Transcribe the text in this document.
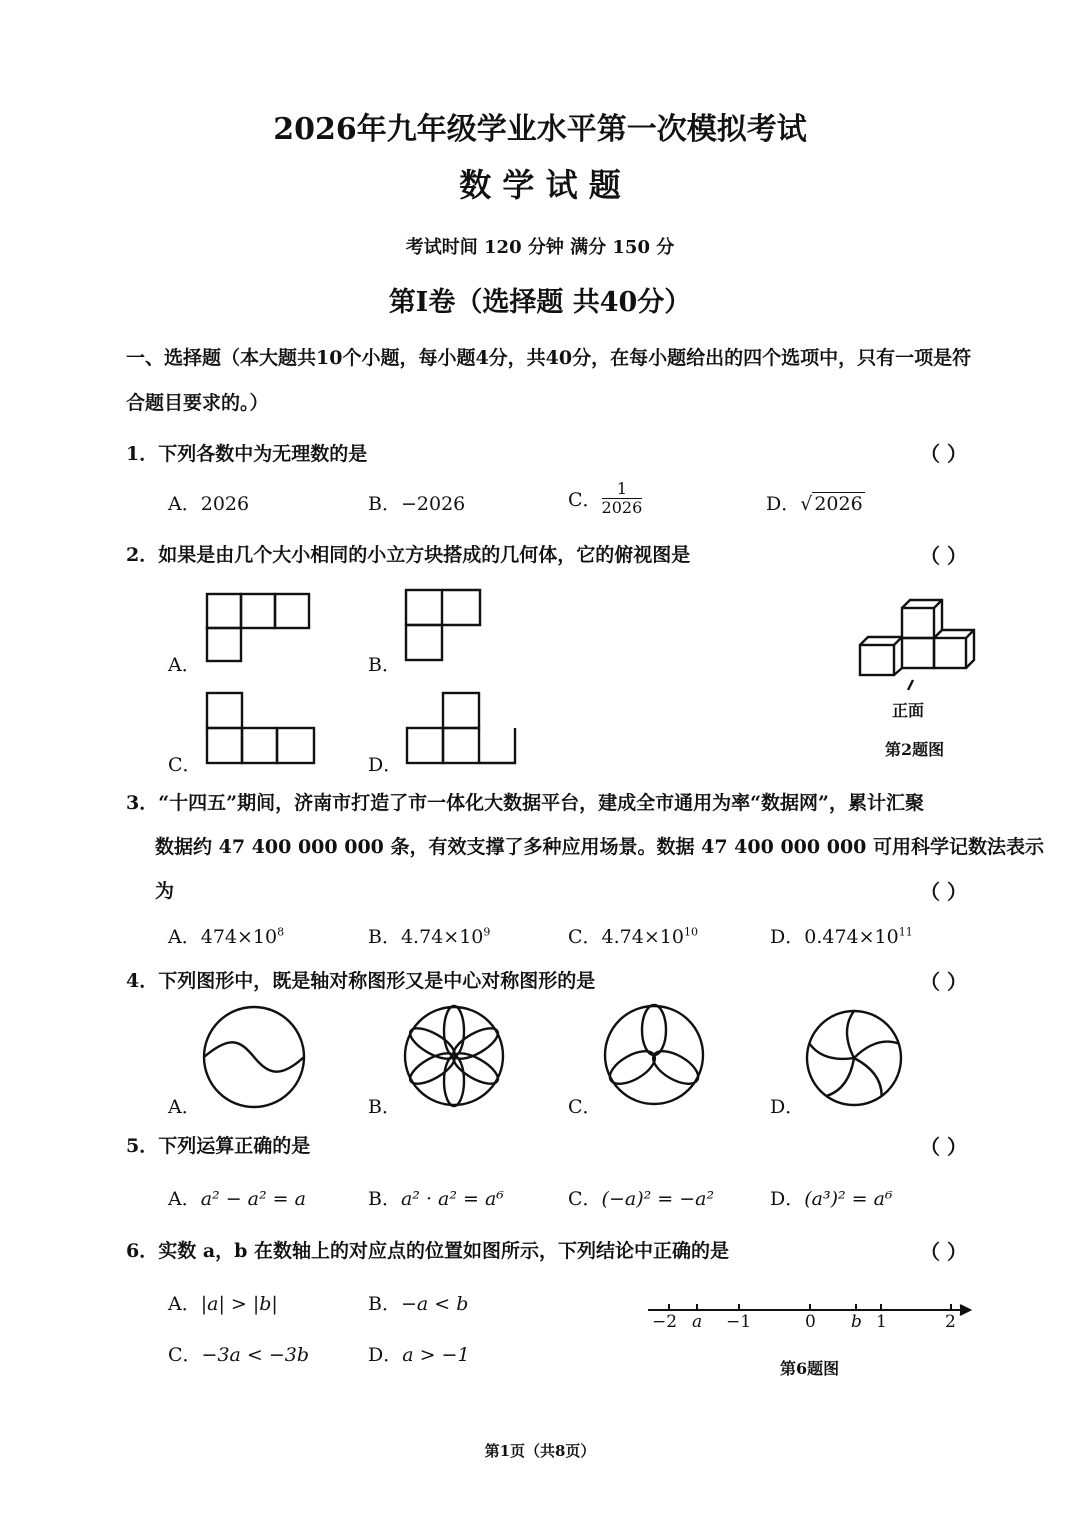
2026年九年级学业水平第一次模拟考试
数 学 试 题
考试时间 120 分钟 满分 150 分
第Ⅰ卷（选择题 共40分）
一、选择题（本大题共10个小题，每小题4分，共40分，在每小题给出的四个选项中，只有一项是符
合题目要求的。）
1．下列各数中为无理数的是	（ ）
A．2026	B．−2026	C． $\frac{1}{2026}$	D．√ 2026
2．如果是由几个大小相同的小立方块搭成的几何体，它的俯视图是	（ ）
A．	B．
C．	D．
正面
第2题图
3．“十四五”期间，济南市打造了市一体化大数据平台，建成全市通用为率“数据网”，累计汇聚
数据约 47 400 000 000 条，有效支撑了多种应用场景。数据 47 400 000 000 可用科学记数法表示
为	（ ）
A．$474\times 10^8$	B．$4.74\times 10^9$	C．$4.74\times 10^{10}$	D．$0.474\times 10^{11}$
4．下列图形中，既是轴对称图形又是中心对称图形的是	（ ）
A．	B．	C．	D．
5．下列运算正确的是	（ ）
A．a² − a² = a	B．a² · a² = a⁶	C．(−a)² = −a²	D．(a³)² = a⁶
6．实数 a，b 在数轴上的对应点的位置如图所示，下列结论中正确的是	（ ）
A．|a| > |b|	B．−a < b
C．−3a < −3b	D．a > −1
−2 a −1	0 b 1	2
第6题图
第1页（共8页）
